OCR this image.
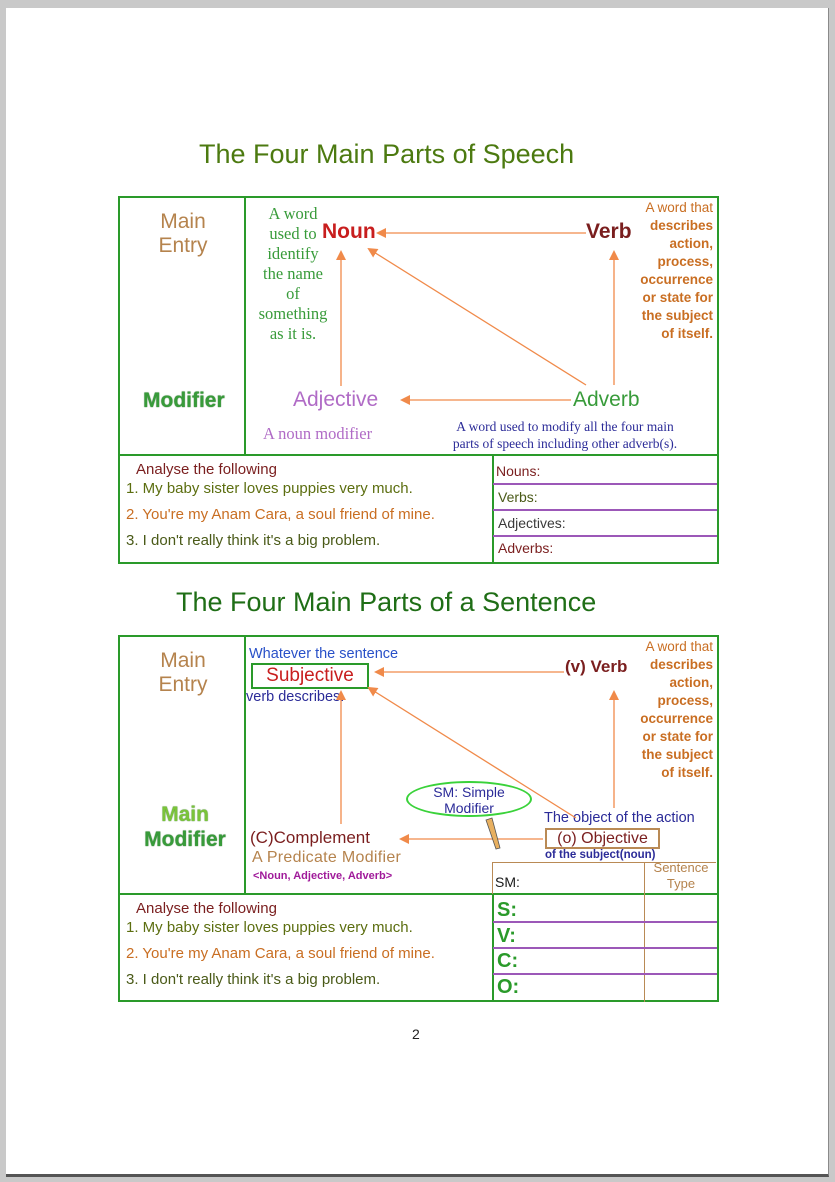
The Four Main Parts of Speech
Main
Entry
Modifier
A word
used to
identify
the name
of
something
as it is.
Noun	Verb
A word that
describes
action,
process,
occurrence
or state for
the subject
of itself.
Adjective	Adverb
A noun modifier	A word used to modify all the four main
parts of speech including other adverb(s).
Analyse the following
1. My baby sister loves puppies very much.
2. You're my Anam Cara, a soul friend of mine.
3. I don't really think it's a big problem.
Nouns:
Verbs:
Adjectives:
Adverbs:
The Four Main Parts of a Sentence
Main
Entry
Main
Modifier
Whatever the sentence
Subjective
verb describes.
(v) Verb
A word that
describes
action,
process,
occurrence
or state for
the subject
of itself.
SM: Simple
Modifier
The object of the action
(o) Objective
of the subject(noun)
(C)Complement
A Predicate Modifier
<Noun, Adjective, Adverb>	SM:
Sentence
Type
Analyse the following
1. My baby sister loves puppies very much.
2. You're my Anam Cara, a soul friend of mine.
3. I don't really think it's a big problem.
S:
V:
C:
O:
2
